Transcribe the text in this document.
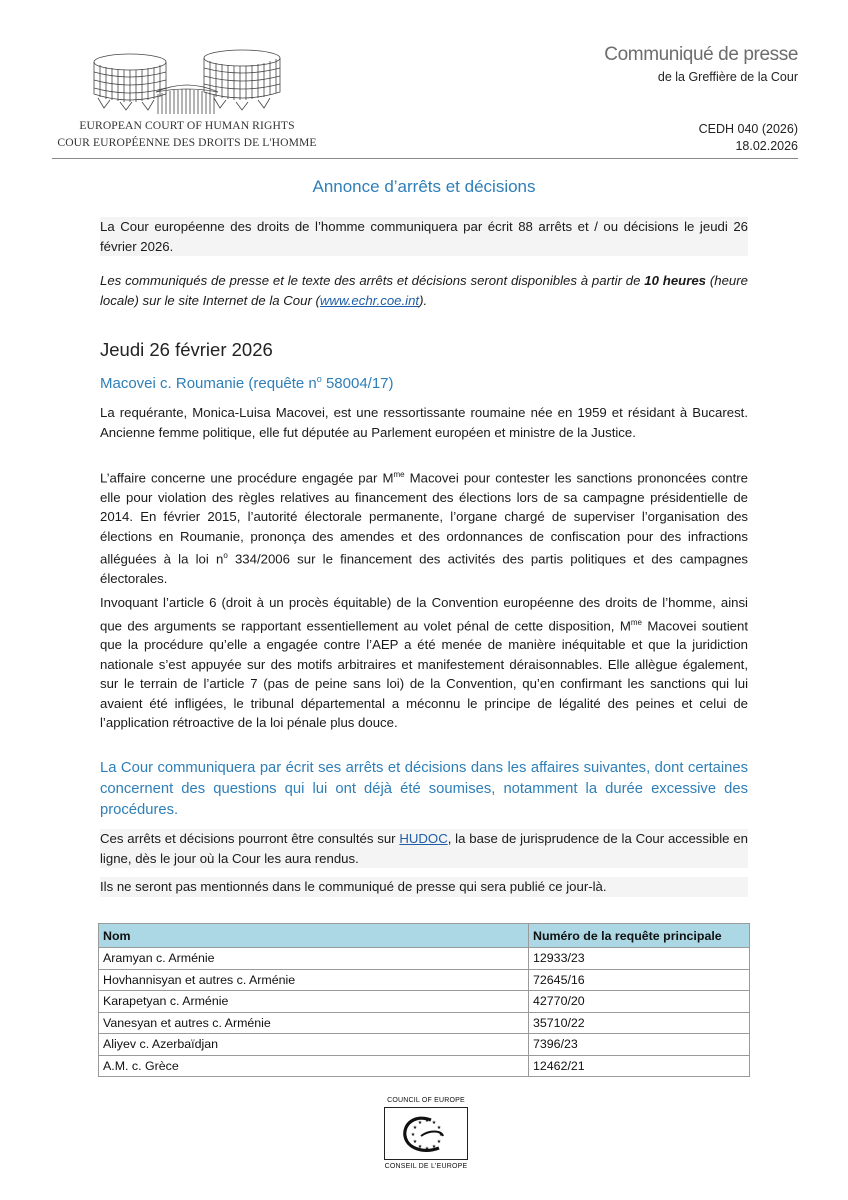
EUROPEAN COURT OF HUMAN RIGHTS
COUR EUROPÉENNE DES DROITS DE L'HOMME
Communiqué de presse
de la Greffière de la Cour
CEDH 040 (2026)
18.02.2026
Annonce d’arrêts et décisions

La Cour européenne des droits de l’homme communiquera par écrit 88 arrêts et / ou décisions le jeudi 26 février 2026.

Les communiqués de presse et le texte des arrêts et décisions seront disponibles à partir de 10 heures (heure locale) sur le site Internet de la Cour (www.echr.coe.int).

Jeudi 26 février 2026
Macovei c. Roumanie (requête $n^o$ 58004/17)

La requérante, Monica-Luisa Macovei, est une ressortissante roumaine née en 1959 et résidant à Bucarest. Ancienne femme politique, elle fut députée au Parlement européen et ministre de la Justice.

L’affaire concerne une procédure engagée par $M^{me}$ Macovei pour contester les sanctions prononcées contre elle pour violation des règles relatives au financement des élections lors de sa campagne présidentielle de 2014. En février 2015, l’autorité électorale permanente, l’organe chargé de superviser l’organisation des élections en Roumanie, prononça des amendes et des ordonnances de confiscation pour des infractions alléguées à la loi $n^o$ 334/2006 sur le financement des activités des partis politiques et des campagnes électorales.

Invoquant l’article 6 (droit à un procès équitable) de la Convention européenne des droits de l’homme, ainsi que des arguments se rapportant essentiellement au volet pénal de cette disposition, $M^{me}$ Macovei soutient que la procédure qu’elle a engagée contre l’AEP a été menée de manière inéquitable et que la juridiction nationale s’est appuyée sur des motifs arbitraires et manifestement déraisonnables. Elle allègue également, sur le terrain de l’article 7 (pas de peine sans loi) de la Convention, qu’en confirmant les sanctions qui lui avaient été infligées, le tribunal départemental a méconnu le principe de légalité des peines et celui de l’application rétroactive de la loi pénale plus douce.

La Cour communiquera par écrit ses arrêts et décisions dans les affaires suivantes, dont certaines concernent des questions qui lui ont déjà été soumises, notamment la durée excessive des procédures.

Ces arrêts et décisions pourront être consultés sur HUDOC, la base de jurisprudence de la Cour accessible en ligne, dès le jour où la Cour les aura rendus.

Ils ne seront pas mentionnés dans le communiqué de presse qui sera publié ce jour-là.

Nom	Numéro de la requête principale
Aramyan c. Arménie	12933/23
Hovhannisyan et autres c. Arménie	72645/16
Karapetyan c. Arménie	42770/20
Vanesyan et autres c. Arménie	35710/22
Aliyev c. Azerbaïdjan	7396/23
A.M. c. Grèce	12462/21
COUNCIL OF EUROPE
★ ★
★
★
★
★
★
★
★
★
★
★
CONSEIL DE L'EUROPE
